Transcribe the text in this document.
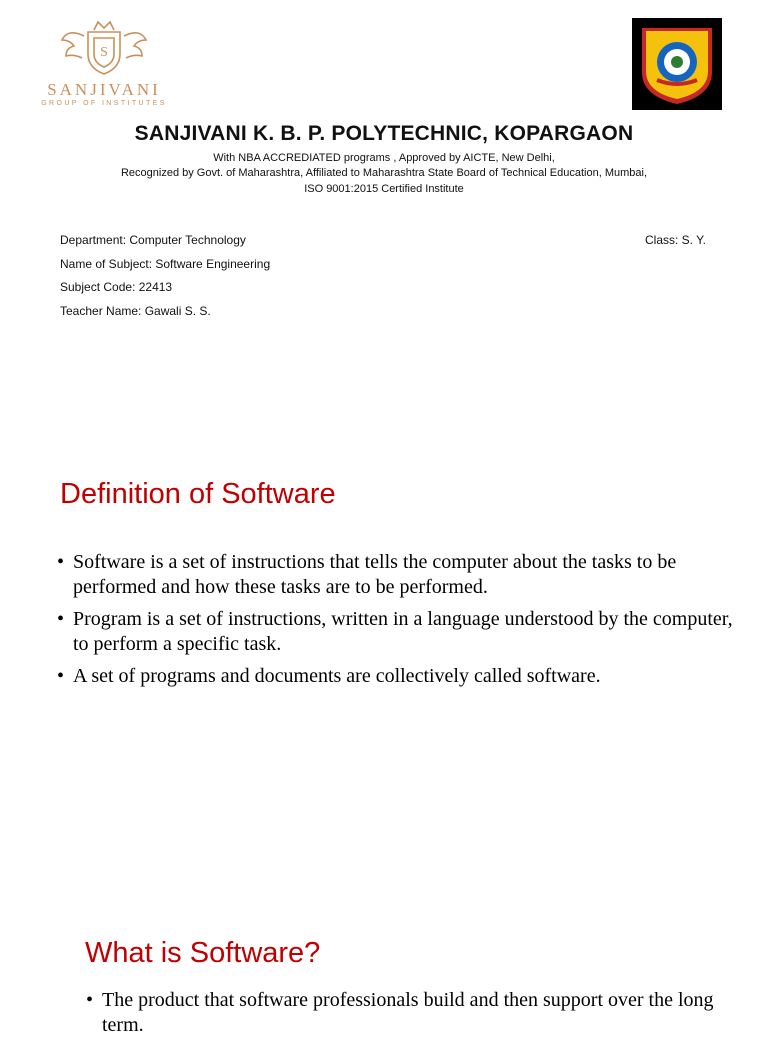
S
SANJIVANI
GROUP OF INSTITUTES
SANJIVANI K. B. P. POLYTECHNIC, KOPARGAON
With NBA ACCREDIATED programs , Approved by AICTE, New Delhi,
Recognized by Govt. of Maharashtra, Affiliated to Maharashtra State Board of Technical Education, Mumbai,
ISO 9001:2015 Certified Institute
Department: Computer Technology
Name of Subject: Software Engineering
Subject Code: 22413
Teacher Name: Gawali S. S.
Class: S. Y.
Definition of Software
• Software is a set of instructions that tells the computer about the tasks to be performed and how these tasks are to be performed.
• Program is a set of instructions, written in a language understood by the computer, to perform a specific task.
• A set of programs and documents are collectively called software.
What is Software?
• The product that software professionals build and then support over the long term.
